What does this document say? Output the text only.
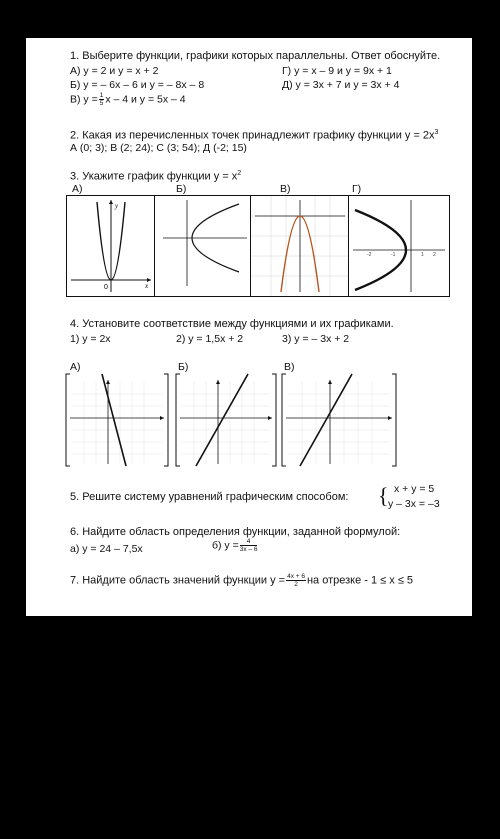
1. Выберите функции, графики которых параллельны. Ответ обоснуйте.
А) y = 2 и y = x + 2	Г) y = x – 9 и y = 9x + 1
Б) y = – 6x – 6 и y = – 8x – 8	Д) y = 3x + 7 и y = 3x + 4
В) $y = \frac{1}{5}$ x – 4 и y = 5x – 4
2. Какая из перечисленных точек принадлежит графику функции $y = 2x^3$
А (0; 3); В (2; 24); С (3; 54); Д (-2; 15)
3. Укажите график функции $y = x^2$
А)	Б)	В)	Г)
y
x
0
-2	-1	1 2
4. Установите соответствие между функциями и их графиками.
1) y = 2x	2) y = 1,5x + 2	3) y = – 3x + 2
А)	Б)	В)
5. Решите систему уравнений графическим способом: { x + y = 5
y – 3x = –3
6. Найдите область определения функции, заданной формулой:
а) y = 24 – 7,5x	б) $y = \frac{4}{3x - 6}$
7. Найдите область значений функции $y = \frac{4x + 6}{2}$ на отрезке - 1 ≤ x ≤ 5
